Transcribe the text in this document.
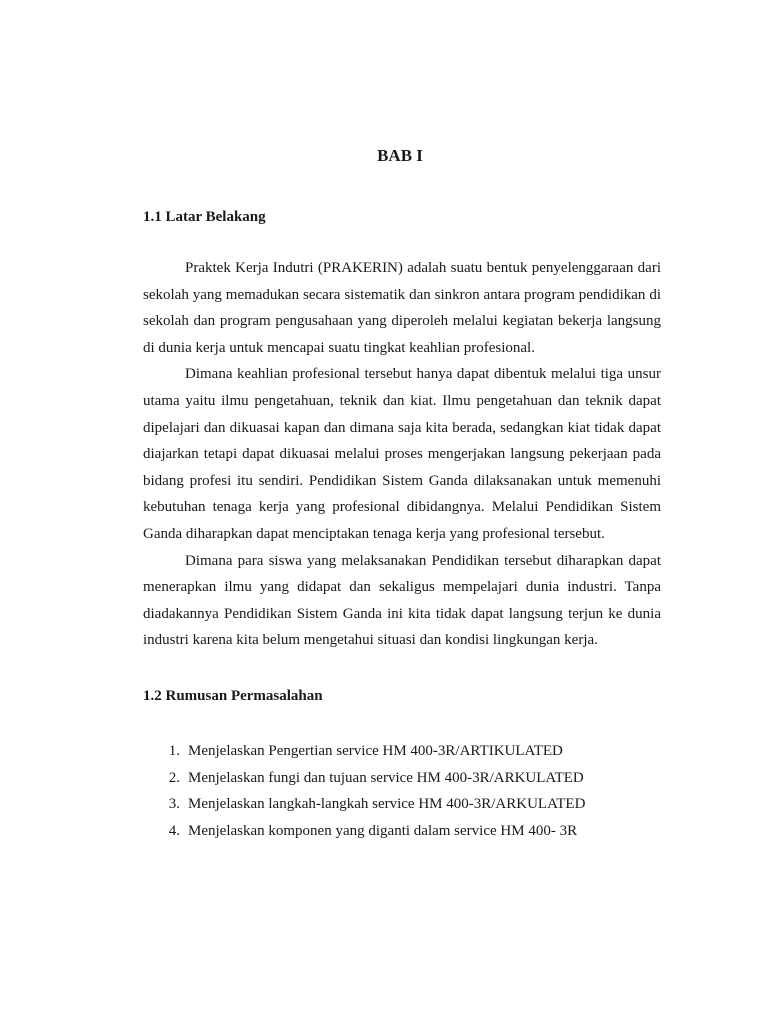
BAB I
1.1 Latar Belakang

Praktek Kerja Indutri (PRAKERIN) adalah suatu bentuk penyelenggaraan dari sekolah yang memadukan secara sistematik dan sinkron antara program pendidikan di sekolah dan program pengusahaan yang diperoleh melalui kegiatan bekerja langsung di dunia kerja untuk mencapai suatu tingkat keahlian profesional.

Dimana keahlian profesional tersebut hanya dapat dibentuk melalui tiga unsur utama yaitu ilmu pengetahuan, teknik dan kiat. Ilmu pengetahuan dan teknik dapat dipelajari dan dikuasai kapan dan dimana saja kita berada, sedangkan kiat tidak dapat diajarkan tetapi dapat dikuasai melalui proses mengerjakan langsung pekerjaan pada bidang profesi itu sendiri. Pendidikan Sistem Ganda dilaksanakan untuk memenuhi kebutuhan tenaga kerja yang profesional dibidangnya. Melalui Pendidikan Sistem Ganda diharapkan dapat menciptakan tenaga kerja yang profesional tersebut.

Dimana para siswa yang melaksanakan Pendidikan tersebut diharapkan dapat menerapkan ilmu yang didapat dan sekaligus mempelajari dunia industri. Tanpa diadakannya Pendidikan Sistem Ganda ini kita tidak dapat langsung terjun ke dunia industri karena kita belum mengetahui situasi dan kondisi lingkungan kerja.

1.2 Rumusan Permasalahan
1. Menjelaskan Pengertian service HM 400-3R/ARTIKULATED
2. Menjelaskan fungi dan tujuan service HM 400-3R/ARKULATED
3. Menjelaskan langkah-langkah service HM 400-3R/ARKULATED
4. Menjelaskan komponen yang diganti dalam service HM 400- 3R
